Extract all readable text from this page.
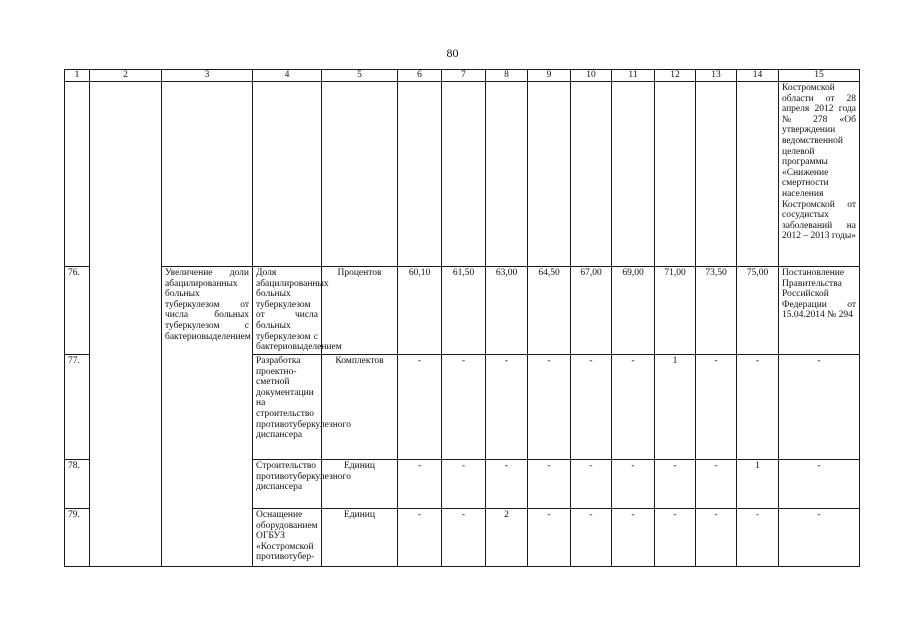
80
1	2	3	4	5	6	7	8	9	10	11	12	13	14	15
														Костромской области от 28 апреля 2012 года № 278 «Об утверждении ведомственной целевой программы «Снижение смертности населения Костромской от сосудистых заболеваний на 2012 – 2013 годы»
76.		Увеличение доли абацилированных больных туберкулезом от числа больных туберкулезом с бактериовыделением	Доля абацилированных больных туберкулезом от числа больных туберкулезом с бактериовыделением	Процентов	60,10	61,50	63,00	64,50	67,00	69,00	71,00	73,50	75,00	Постановление Правительства Российской Федерации от 15.04.2014 № 294
77.			Разработка проектно-сметной документации на строительство противотуберкулезного диспансера	Комплектов	-	-	-	-	-	-	1	-	-	-
78.			Строительство противотуберкулезного диспансера	Единиц	-	-	-	-	-	-	-	-	1	-
79.			Оснащение оборудованием ОГБУЗ «Костромской противотубер-	Единиц	-	-	2	-	-	-	-	-	-	-
